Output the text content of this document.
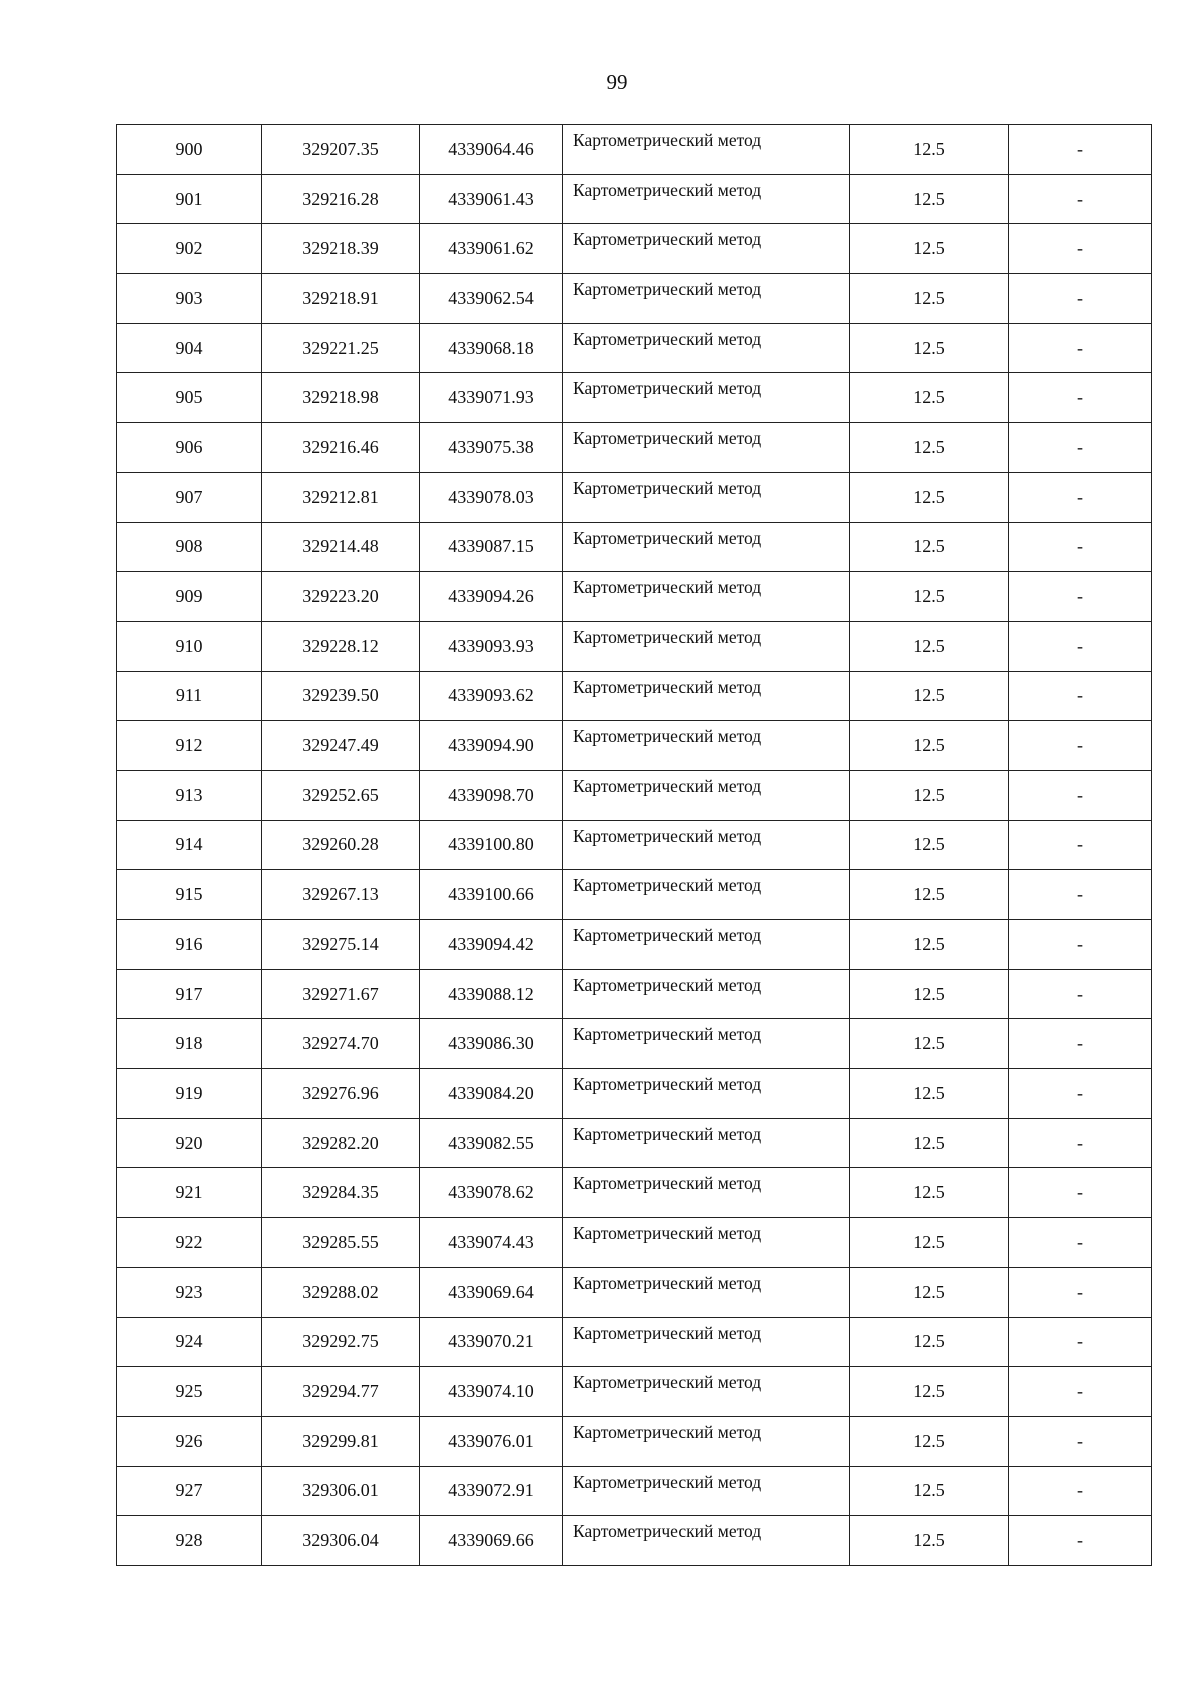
99
900	329207.35	4339064.46	Картометрический метод	12.5	-
901	329216.28	4339061.43	Картометрический метод	12.5	-
902	329218.39	4339061.62	Картометрический метод	12.5	-
903	329218.91	4339062.54	Картометрический метод	12.5	-
904	329221.25	4339068.18	Картометрический метод	12.5	-
905	329218.98	4339071.93	Картометрический метод	12.5	-
906	329216.46	4339075.38	Картометрический метод	12.5	-
907	329212.81	4339078.03	Картометрический метод	12.5	-
908	329214.48	4339087.15	Картометрический метод	12.5	-
909	329223.20	4339094.26	Картометрический метод	12.5	-
910	329228.12	4339093.93	Картометрический метод	12.5	-
911	329239.50	4339093.62	Картометрический метод	12.5	-
912	329247.49	4339094.90	Картометрический метод	12.5	-
913	329252.65	4339098.70	Картометрический метод	12.5	-
914	329260.28	4339100.80	Картометрический метод	12.5	-
915	329267.13	4339100.66	Картометрический метод	12.5	-
916	329275.14	4339094.42	Картометрический метод	12.5	-
917	329271.67	4339088.12	Картометрический метод	12.5	-
918	329274.70	4339086.30	Картометрический метод	12.5	-
919	329276.96	4339084.20	Картометрический метод	12.5	-
920	329282.20	4339082.55	Картометрический метод	12.5	-
921	329284.35	4339078.62	Картометрический метод	12.5	-
922	329285.55	4339074.43	Картометрический метод	12.5	-
923	329288.02	4339069.64	Картометрический метод	12.5	-
924	329292.75	4339070.21	Картометрический метод	12.5	-
925	329294.77	4339074.10	Картометрический метод	12.5	-
926	329299.81	4339076.01	Картометрический метод	12.5	-
927	329306.01	4339072.91	Картометрический метод	12.5	-
928	329306.04	4339069.66	Картометрический метод	12.5	-
